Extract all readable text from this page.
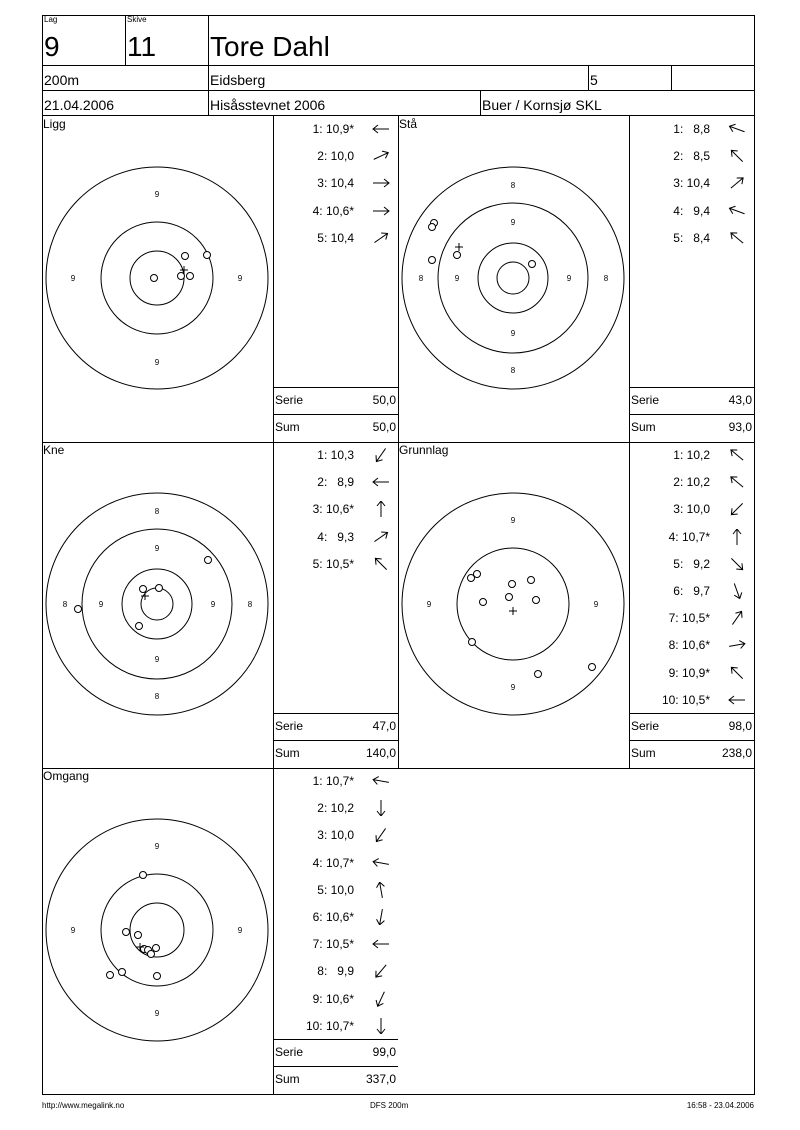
Lag
9
Skive
11 Tore Dahl
200m	Eidsberg	5
21.04.2006	Hisåsstevnet 2006	Buer / Kornsjø SKL
Ligg	Stå
Kne	Grunnlag
Omgang
9
9
9	9
8
9
9
8
8	9	9	8
8
9
9
8
8	9	9	8
9
9
9	9
9
9
9	9
1: 10,9*
2: 10,0
3: 10,4
4: 10,6*
5: 10,4
Serie	50,0
Sum	50,0
1:   8,8
2:   8,5
3: 10,4
4:   9,4
5:   8,4
Serie	43,0
Sum	93,0
1: 10,3
2:   8,9
3: 10,6*
4:   9,3
5: 10,5*
Serie	47,0
Sum	140,0
1: 10,2
2: 10,2
3: 10,0
4: 10,7*
5:   9,2
6:   9,7
7: 10,5*
8: 10,6*
9: 10,9*
10: 10,5*
Serie	98,0
Sum	238,0
1: 10,7*
2: 10,2
3: 10,0
4: 10,7*
5: 10,0
6: 10,6*
7: 10,5*
8:   9,9
9: 10,6*
10: 10,7*
Serie	99,0
Sum	337,0
http://www.megalink.no	DFS 200m	16:58 - 23.04.2006
